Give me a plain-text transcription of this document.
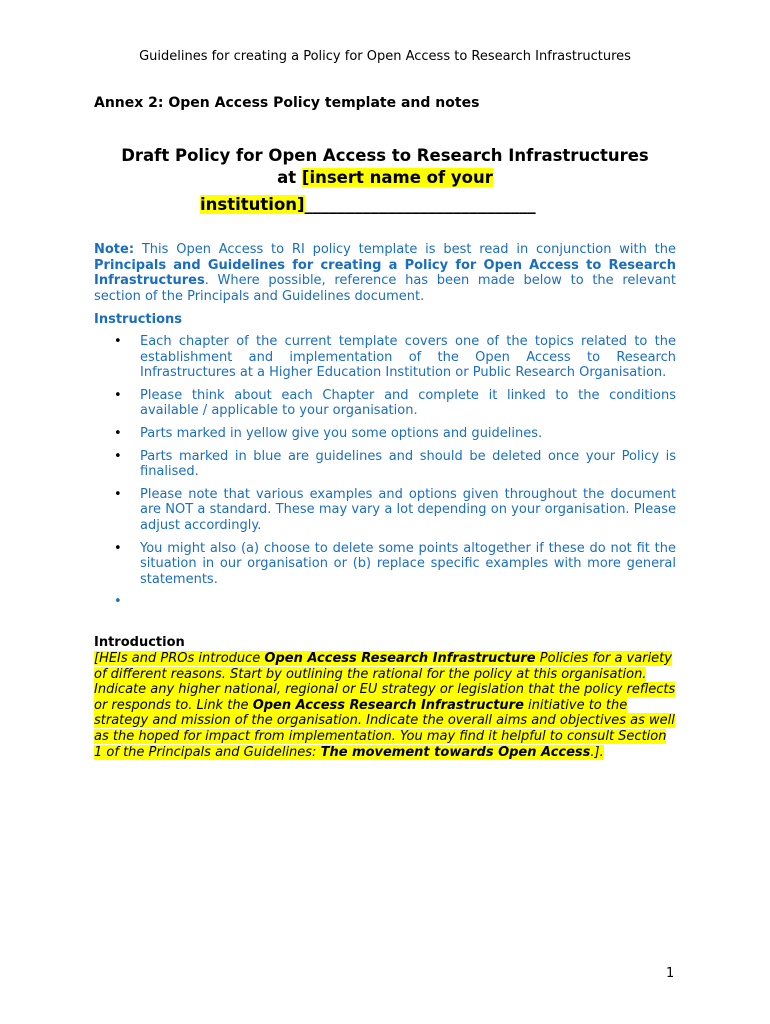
Guidelines for creating a Policy for Open Access to Research Infrastructures
Annex 2: Open Access Policy template and notes
Draft Policy for Open Access to Research Infrastructures
at [insert name of your
institution]____________________________
Note: This Open Access to RI policy template is best read in conjunction with the Principals and Guidelines for creating a Policy for Open Access to Research Infrastructures. Where possible, reference has been made below to the relevant section of the Principals and Guidelines document.
Instructions
• Each chapter of the current template covers one of the topics related to the establishment and implementation of the Open Access to Research Infrastructures at a Higher Education Institution or Public Research Organisation.
• Please think about each Chapter and complete it linked to the conditions available / applicable to your organisation.
• Parts marked in yellow give you some options and guidelines.
• Parts marked in blue are guidelines and should be deleted once your Policy is finalised.
• Please note that various examples and options given throughout the document are NOT a standard. These may vary a lot depending on your organisation. Please adjust accordingly.
• You might also (a) choose to delete some points altogether if these do not fit the situation in our organisation or (b) replace specific examples with more general statements.
•

Introduction
[HEIs and PROs introduce Open Access Research Infrastructure Policies for a variety of different reasons. Start by outlining the rational for the policy at this organisation. Indicate any higher national, regional or EU strategy or legislation that the policy reflects or responds to. Link the Open Access Research Infrastructure initiative to the strategy and mission of the organisation. Indicate the overall aims and objectives as well as the hoped for impact from implementation. You may find it helpful to consult Section 1 of the Principals and Guidelines: The movement towards Open Access.].
1
